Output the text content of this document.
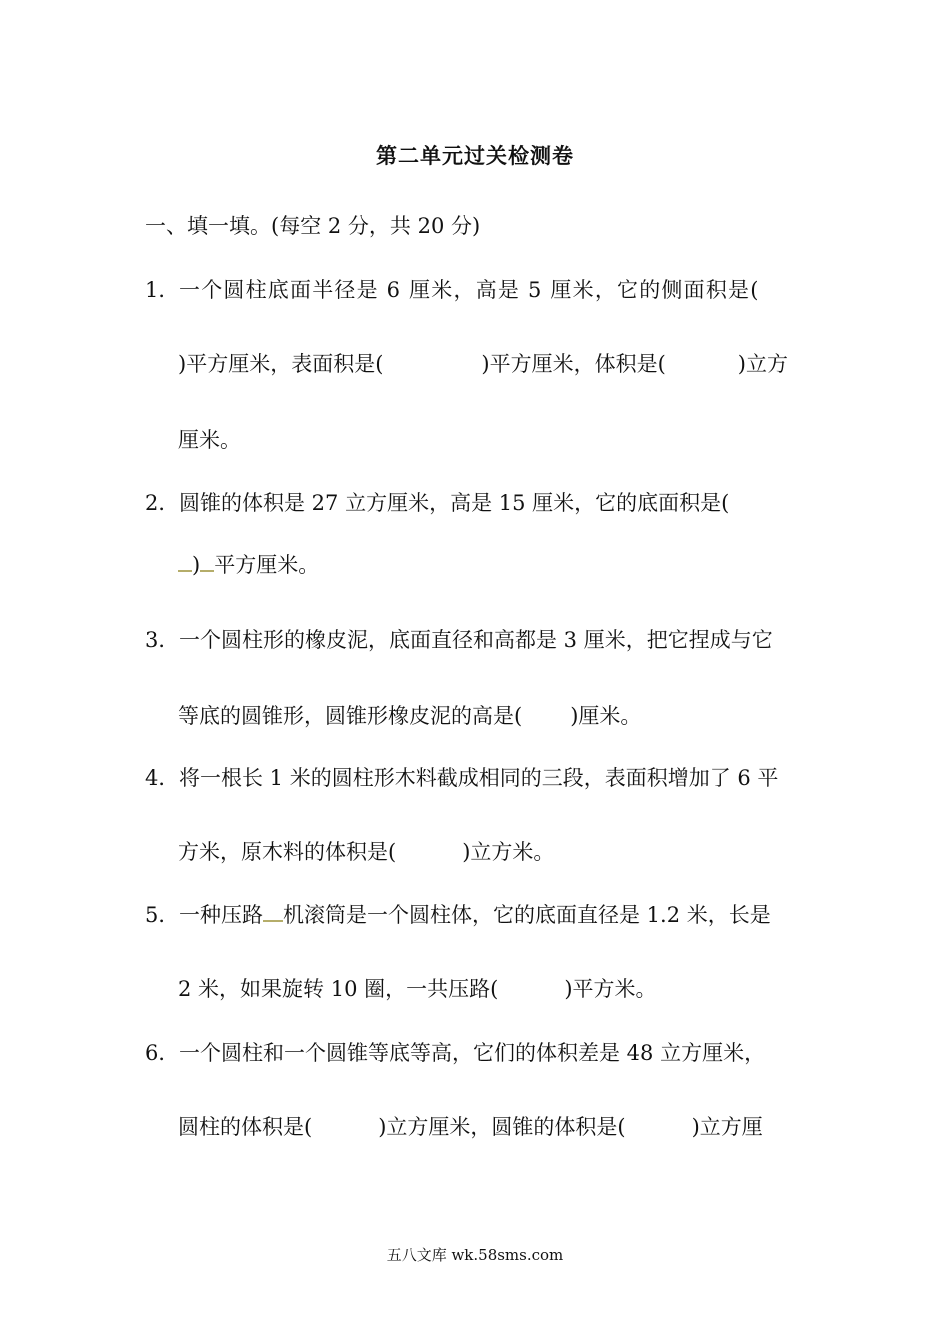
第二单元过关检测卷
一、填一填。(每空 2 分，共 20 分)
1．一个圆柱底面半径是 6 厘米，高是 5 厘米，它的侧面积是(
)平方厘米，表面积是(	)平方厘米，体积是(	)立方
厘米。
2．圆锥的体积是 27 立方厘米，高是 15 厘米，它的底面积是(
) 平方厘米。
3．一个圆柱形的橡皮泥，底面直径和高都是 3 厘米，把它捏成与它
等底的圆锥形，圆锥形橡皮泥的高是( )厘米。
4．将一根长 1 米的圆柱形木料截成相同的三段，表面积增加了 6 平
方米，原木料的体积是(	)立方米。
5．一种压路 机滚筒是一个圆柱体，它的底面直径是 1.2 米，长是
2 米，如果旋转 10 圈，一共压路(	)平方米。
6．一个圆柱和一个圆锥等底等高，它们的体积差是 48 立方厘米，
圆柱的体积是(	)立方厘米，圆锥的体积是(	)立方厘
五八文库 wk.58sms.com
